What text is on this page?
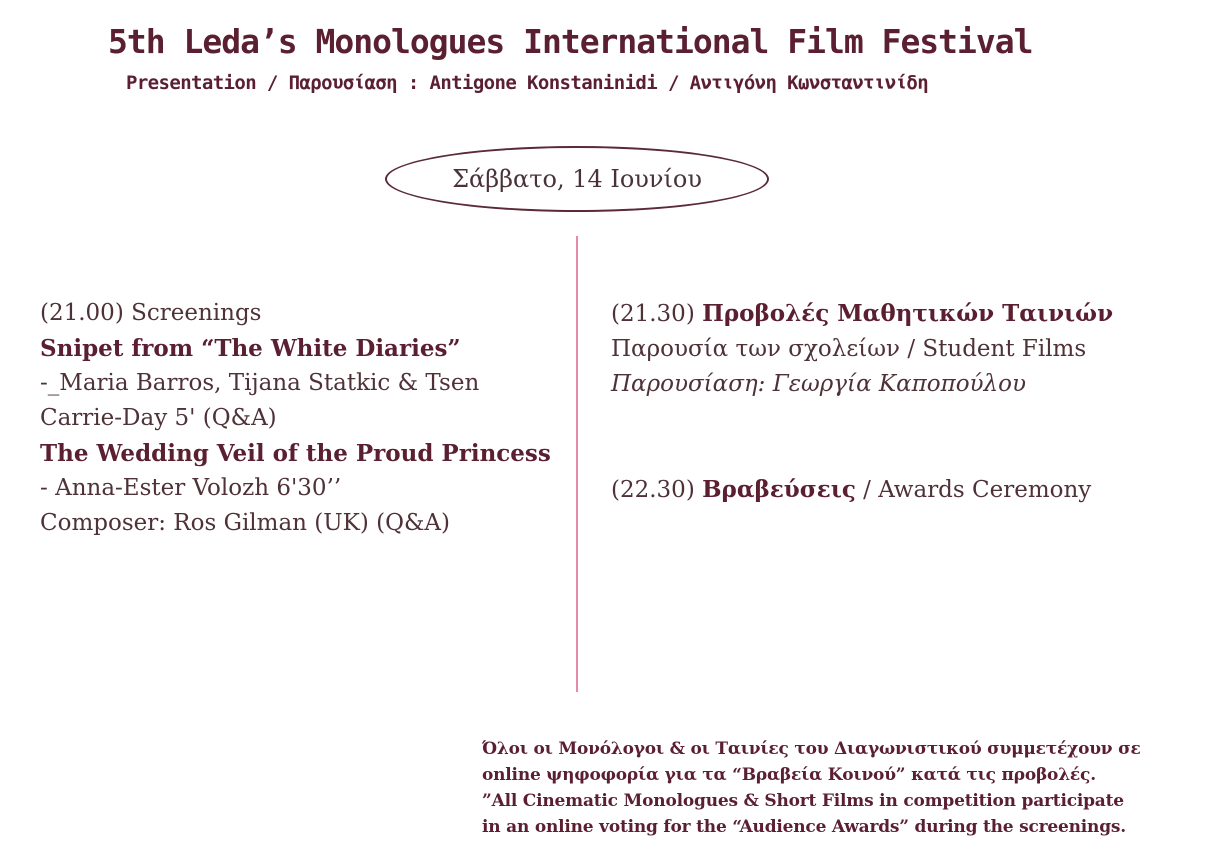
5th Leda’s Monologues International Film Festival
Presentation / Παρουσίαση : Antigone Konstaninidi / Αντιγόνη Κωνσταντινίδη
Σάββατο, 14 Ιουνίου
(21.00) Screenings
Snipet from “The White Diaries”
-_Maria Barros, Tijana Statkic & Tsen
Carrie-Day 5' (Q&A)
The Wedding Veil of the Proud Princess
- Anna-Ester Volozh 6'30’’
Composer: Ros Gilman (UK) (Q&A)
(21.30) Προβολές Μαθητικών Ταινιών
Παρουσία των σχολείων / Student Films
Παρουσίαση: Γεωργία Καποπούλου
(22.30) Βραβεύσεις / Awards Ceremony
Όλοι οι Μονόλογοι & οι Ταινίες του Διαγωνιστικού συμμετέχουν σε
online ψηφοφορία για τα “Βραβεία Κοινού” κατά τις προβολές.
”All Cinematic Monologues & Short Films in competition participate
in an online voting for the “Audience Awards” during the screenings.
